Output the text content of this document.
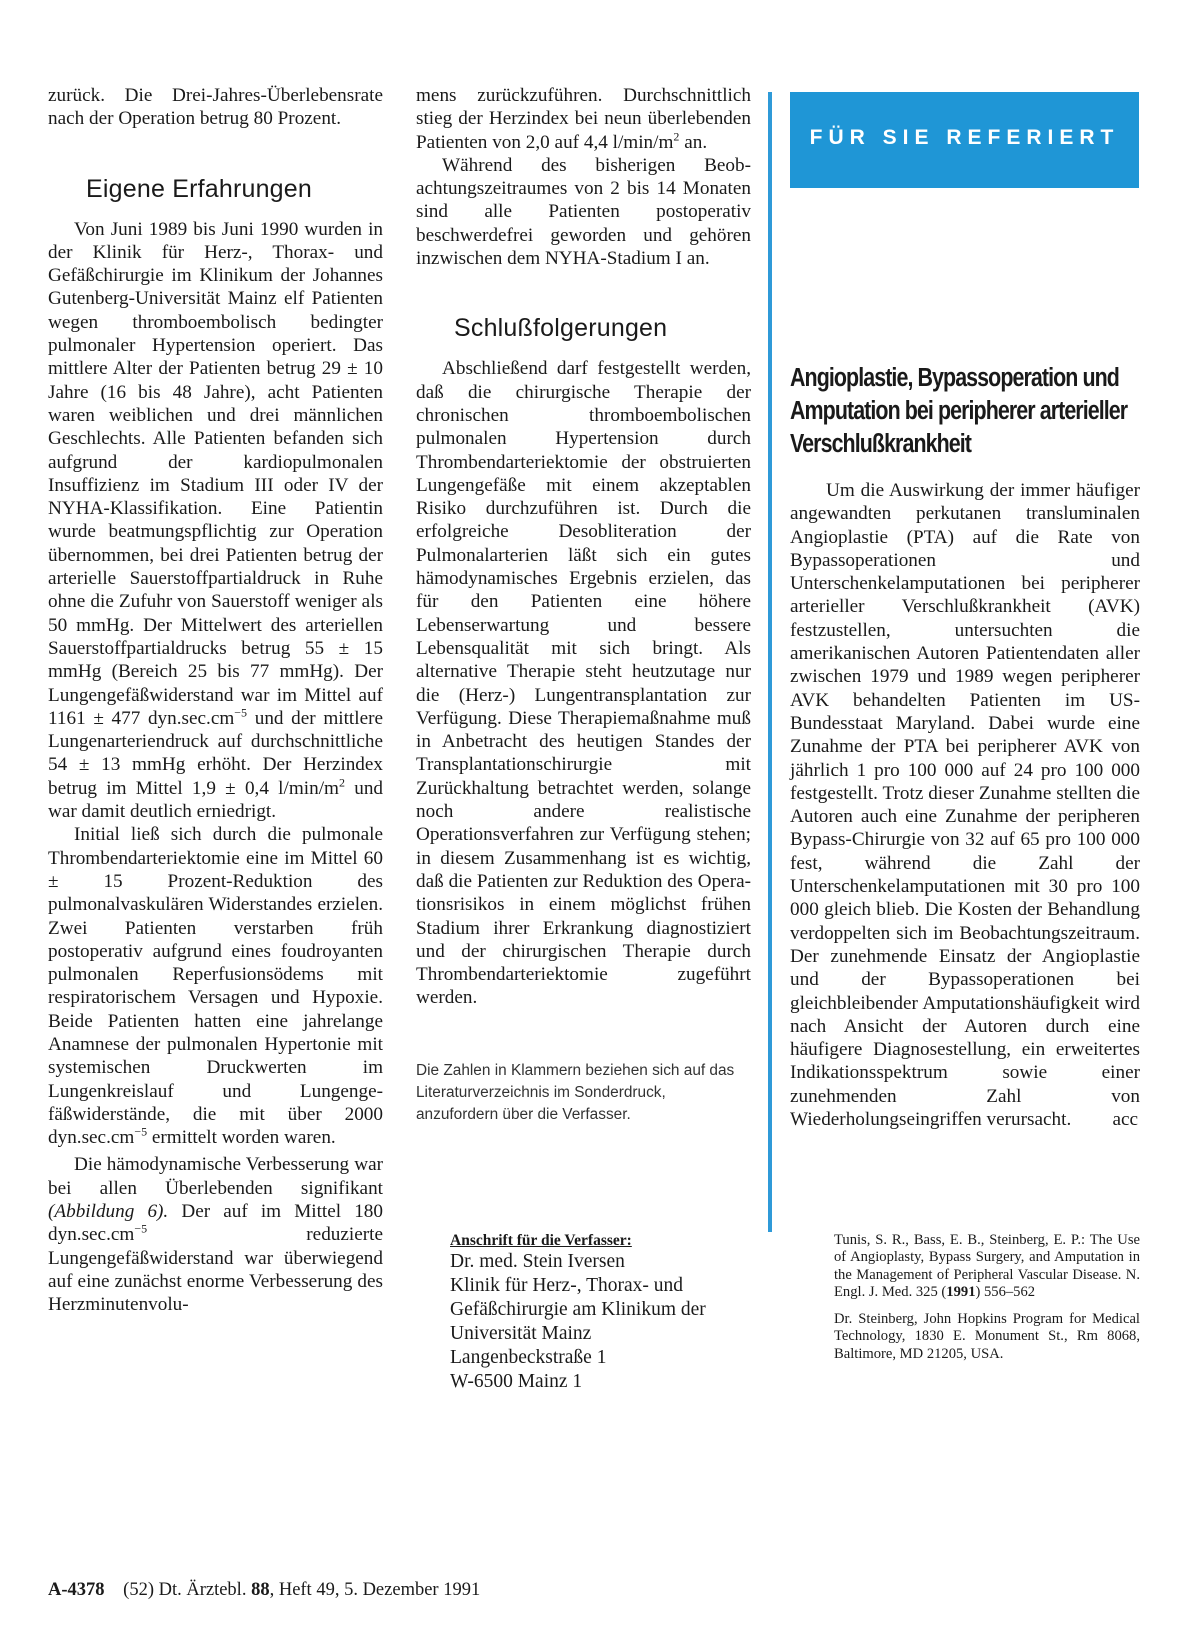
zurück. Die Drei-Jahres-Überlebensrate nach der Operation betrug 80 Prozent.

Eigene Erfahrungen

Von Juni 1989 bis Juni 1990 wurden in der Klinik für Herz-, Thorax- und Gefäßchirurgie im Klinikum der Johannes Gutenberg-Universität Mainz elf Patienten wegen thromboembolisch bedingter pulmonaler Hypertension operiert. Das mittlere Alter der Patienten betrug 29 ± 10 Jahre (16 bis 48 Jahre), acht Patienten waren weiblichen und drei männlichen Geschlechts. Alle Patienten befanden sich aufgrund der kardiopulmonalen Insuffizienz im Stadium III oder IV der NYHA-Klassifikation. Eine Patientin wurde beatmungspflichtig zur Operation übernommen, bei drei Patienten betrug der arterielle Sauerstoffpartialdruck in Ruhe ohne die Zufuhr von Sauerstoff weniger als 50 mmHg. Der Mittelwert des arteriellen Sauerstoffpartialdrucks betrug 55 ± 15 mmHg (Bereich 25 bis 77 mmHg). Der Lungengefäßwiderstand war im Mittel auf 1161 ± 477 $dyn.\sec.cm^{-5}$ und der mittlere Lungenarteriendruck auf durchschnittliche 54 ± 13 mmHg erhöht. Der Herzindex betrug im Mittel 1,9 ± 0,4 $l/\min/m^2$ und war damit deutlich erniedrigt.

Initial ließ sich durch die pulmonale Thrombendarteriektomie eine im Mittel 60 ± 15 Prozent-Reduktion des pulmonalvaskulären Widerstandes erzielen. Zwei Patienten verstarben früh postoperativ aufgrund eines foudroyanten pulmonalen Reperfusionsödems mit respiratorischem Versagen und Hypoxie. Beide Patienten hatten eine jahrelange Anamnese der pulmonalen Hypertonie mit systemischen Druckwerten im Lungenkreislauf und Lungengefäßwiderstände, die mit über 2000 $dyn.\sec.cm^{-5}$ ermittelt worden waren.

Die hämodynamische Verbesserung war bei allen Überlebenden signifikant (Abbildung 6). Der auf im Mittel 180 $dyn.\sec.cm^{-5}$ reduzierte Lungengefäßwiderstand war überwiegend auf eine zunächst enorme Verbesserung des Herzminutenvolu-

mens zurückzuführen. Durchschnittlich stieg der Herzindex bei neun überlebenden Patienten von 2,0 auf 4,4 $l/\min/m^2$ an.

Während des bisherigen Beobachtungszeitraumes von 2 bis 14 Monaten sind alle Patienten postoperativ beschwerdefrei geworden und gehören inzwischen dem NYHA-Stadium I an.

Schlußfolgerungen

Abschließend darf festgestellt werden, daß die chirurgische Therapie der chronischen thromboembolischen pulmonalen Hypertension durch Thrombendarteriektomie der obstruierten Lungengefäße mit einem akzeptablen Risiko durchzuführen ist. Durch die erfolgreiche Desobliteration der Pulmonalarterien läßt sich ein gutes hämodynamisches Ergebnis erzielen, das für den Patienten eine höhere Lebenserwartung und bessere Lebensqualität mit sich bringt. Als alternative Therapie steht heutzutage nur die (Herz-) Lungentransplantation zur Verfügung. Diese Therapiemaßnahme muß in Anbetracht des heutigen Standes der Transplantationschirurgie mit Zurückhaltung betrachtet werden, solange noch andere realistische Operationsverfahren zur Verfügung stehen; in diesem Zusammenhang ist es wichtig, daß die Patienten zur Reduktion des Operationsrisikos in einem möglichst frühen Stadium ihrer Erkrankung diagnostiziert und der chirurgischen Therapie durch Thrombendarteriektomie zugeführt werden.

Die Zahlen in Klammern beziehen sich auf das Literaturverzeichnis im Sonderdruck, anzufordern über die Verfasser.

Anschrift für die Verfasser:

Dr. med. Stein Iversen

Klinik für Herz-, Thorax- und

Gefäßchirurgie am Klinikum der

Universität Mainz

Langenbeckstraße 1

W-6500 Mainz 1

FÜR SIE REFERIERT
Angioplastie, Bypassoperation und Amputation bei peripherer arterieller Verschlußkrankheit

Um die Auswirkung der immer häufiger angewandten perkutanen transluminalen Angioplastie (PTA) auf die Rate von Bypassoperationen und Unterschenkelamputationen bei peripherer arterieller Verschlußkrankheit (AVK) festzustellen, untersuchten die amerikanischen Autoren Patientendaten aller zwischen 1979 und 1989 wegen peripherer AVK behandelten Patienten im US-Bundesstaat Maryland. Dabei wurde eine Zunahme der PTA bei peripherer AVK von jährlich 1 pro 100 000 auf 24 pro 100 000 festgestellt. Trotz dieser Zunahme stellten die Autoren auch eine Zunahme der peripheren Bypass-Chirurgie von 32 auf 65 pro 100 000 fest, während die Zahl der Unterschenkelamputationen mit 30 pro 100 000 gleich blieb. Die Kosten der Behandlung verdoppelten sich im Beobachtungszeitraum. Der zunehmende Einsatz der Angioplastie und der Bypassoperationen bei gleichbleibender Amputationshäufigkeit wird nach Ansicht der Autoren durch eine häufigere Diagnosestellung, ein erweitertes Indikationsspektrum sowie einer zunehmenden Zahl von Wiederholungseingriffen verursacht.	acc

Tunis, S. R., Bass, E. B., Steinberg, E. P.: The Use of Angioplasty, Bypass Surgery, and Amputation in the Management of Peripheral Vascular Disease. N. Engl. J. Med. 325 (1991) 556–562

Dr. Steinberg, John Hopkins Program for Medical Technology, 1830 E. Monument St., Rm 8068, Baltimore, MD 21205, USA.

A-4378 (52) Dt. Ärztebl. 88, Heft 49, 5. Dezember 1991
